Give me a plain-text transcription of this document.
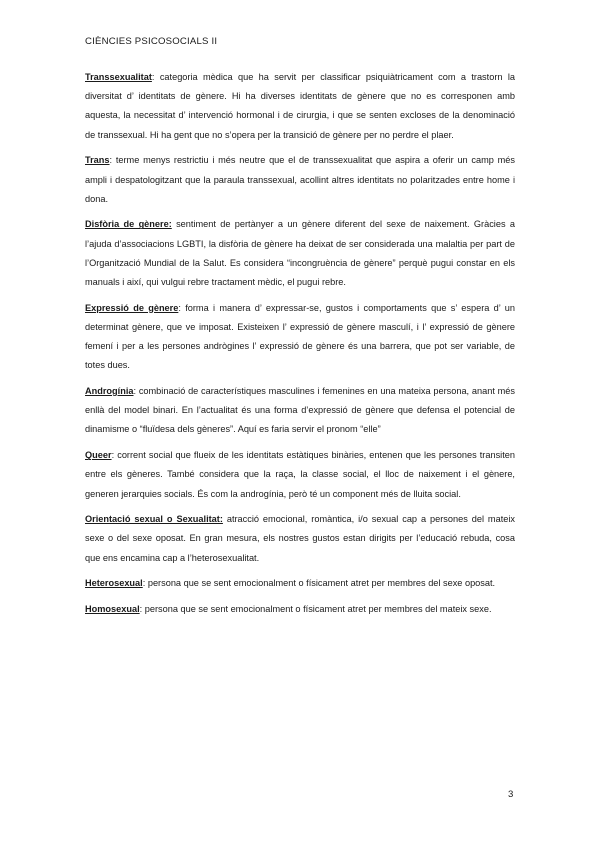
CIÈNCIES PSICOSOCIALS II

Transsexualitat: categoria mèdica que ha servit per classificar psiquiàtricament com a trastorn la diversitat d’ identitats de gènere. Hi ha diverses identitats de gènere que no es corresponen amb aquesta, la necessitat d’ intervenció hormonal i de cirurgia, i que se senten excloses de la denominació de transsexual. Hi ha gent que no s’opera per la transició de gènere per no perdre el plaer.

Trans: terme menys restrictiu i més neutre que el de transsexualitat que aspira a oferir un camp més ampli i despatologitzant que la paraula transsexual, acollint altres identitats no polaritzades entre home i dona.

Disfòria de gènere: sentiment de pertànyer a un gènere diferent del sexe de naixement. Gràcies a l’ajuda d’associacions LGBTI, la disfòria de gènere ha deixat de ser considerada una malaltia per part de l’Organització Mundial de la Salut. Es considera “incongruència de gènere” perquè pugui constar en els manuals i així, qui vulgui rebre tractament mèdic, el pugui rebre.

Expressió de gènere: forma i manera d’ expressar-se, gustos i comportaments que s’ espera d’ un determinat gènere, que ve imposat. Existeixen l’ expressió de gènere masculí, i l’ expressió de gènere femení i per a les persones andrògines l’ expressió de gènere és una barrera, que pot ser variable, de totes dues.

Androgínia: combinació de característiques masculines i femenines en una mateixa persona, anant més enllà del model binari. En l’actualitat és una forma d’expressió de gènere que defensa el potencial de dinamisme o “fluïdesa dels gèneres”. Aquí es faria servir el pronom “elle”

Queer: corrent social que flueix de les identitats estàtiques binàries, entenen que les persones transiten entre els gèneres. També considera que la raça, la classe social, el lloc de naixement i el gènere, generen jerarquies socials. És com la androgínia, però té un component més de lluita social.

Orientació sexual o Sexualitat: atracció emocional, romàntica, i/o sexual cap a persones del mateix sexe o del sexe oposat. En gran mesura, els nostres gustos estan dirigits per l’educació rebuda, cosa que ens encamina cap a l’heterosexualitat.

Heterosexual: persona que se sent emocionalment o físicament atret per membres del sexe oposat.

Homosexual: persona que se sent emocionalment o físicament atret per membres del mateix sexe.

3
